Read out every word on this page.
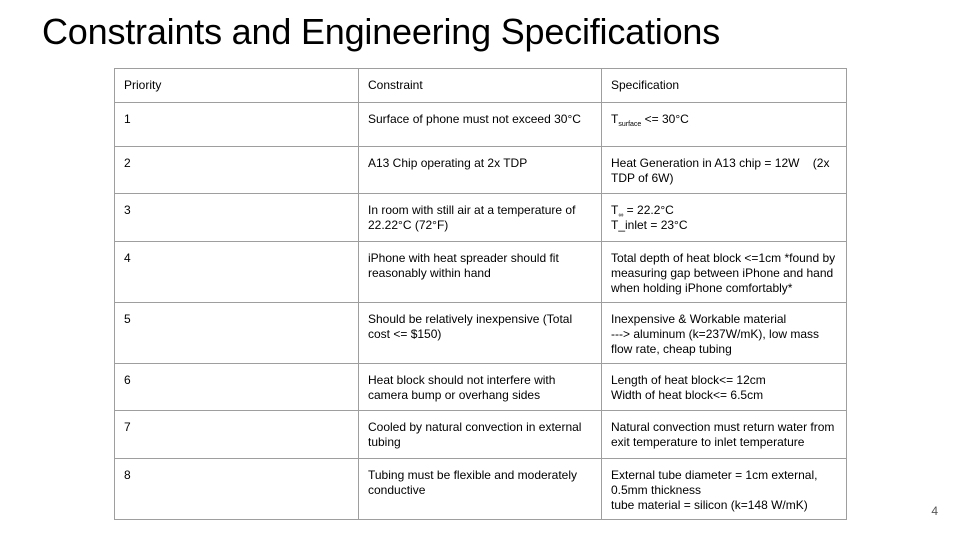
Constraints and Engineering Specifications
Priority	Constraint	Specification
1	Surface of phone must not exceed 30°C	$T_{surface} <= 30^\circ C$
2	A13 Chip operating at 2x TDP	Heat Generation in A13 chip = 12W    (2x TDP of 6W)
3	In room with still air at a temperature of 22.22°C (72°F)	$T_\infty = 22.2^\circ C$
T_inlet = 23°C

4	iPhone with heat spreader should fit reasonably within hand	Total depth of heat block <=1cm *found by measuring gap between iPhone and hand when holding iPhone comfortably*
5	Should be relatively inexpensive (Total cost <= $150)	Inexpensive & Workable material
---> aluminum (k=237W/mK), low mass flow rate, cheap tubing

6	Heat block should not interfere with camera bump or overhang sides	Length of heat block<= 12cm
Width of heat block<= 6.5cm

7	Cooled by natural convection in external tubing	Natural convection must return water from exit temperature to inlet temperature
8	Tubing must be flexible and moderately conductive	External tube diameter = 1cm external, 0.5mm thickness
tube material = silicon (k=148 W/mK)	4
